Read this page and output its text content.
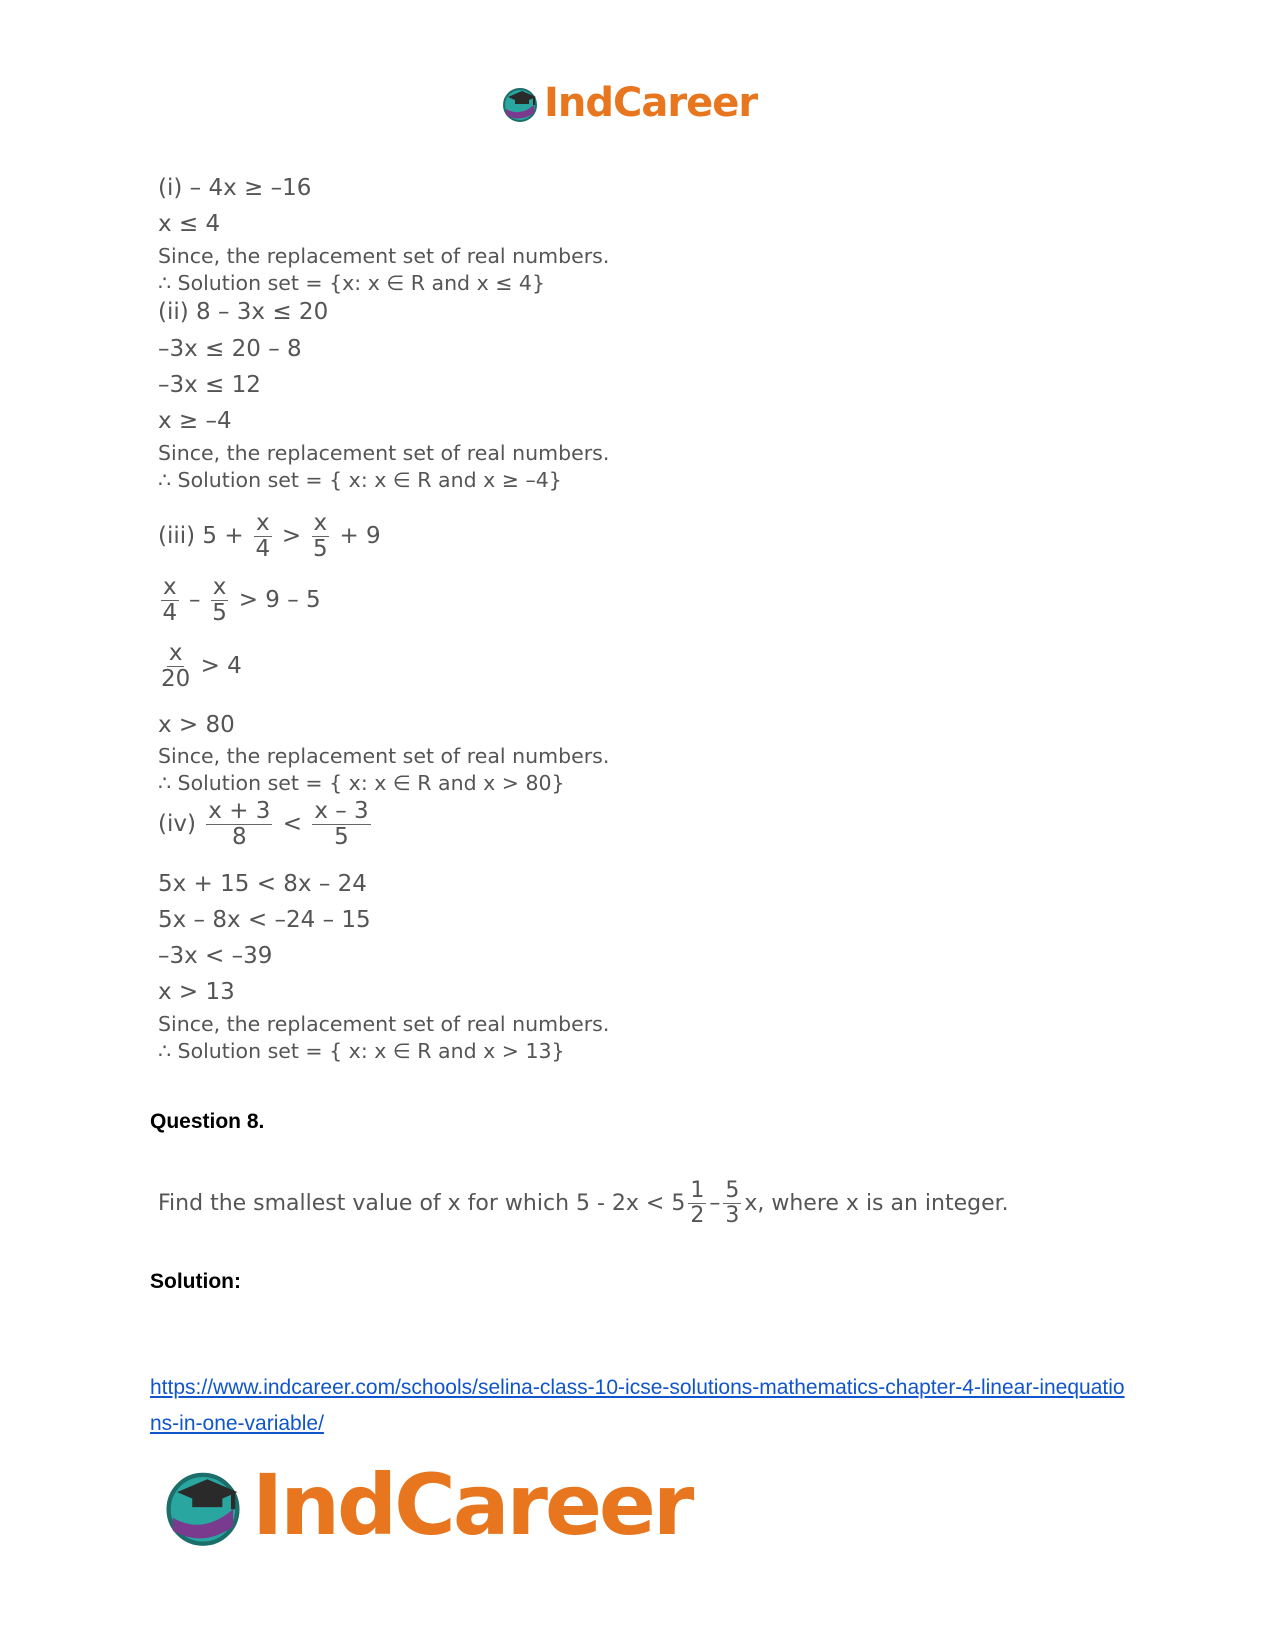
IndCareer
(i) – 4x ≥ –16
x ≤ 4
Since, the replacement set of real numbers.
∴ Solution set = {x: x ∈ R and x ≤ 4}
(ii) 8 – 3x ≤ 20
–3x ≤ 20 – 8
–3x ≤ 12
x ≥ –4
Since, the replacement set of real numbers.
∴ Solution set = { x: x ∈ R and x ≥ –4}
(iii) $5 + \frac{x}{4} > \frac{x}{5} + 9$
$\frac{x}{4} - \frac{x}{5} > 9 - 5$
$\frac{x}{20} > 4$
x > 80
Since, the replacement set of real numbers.
∴ Solution set = { x: x ∈ R and x > 80}
$(iv) \frac{x + 3}{8} < \frac{x - 3}{5}$
5x + 15 < 8x – 24
5x – 8x < –24 – 15
–3x < –39
x > 13
Since, the replacement set of real numbers.
∴ Solution set = { x: x ∈ R and x > 13}
Question 8.
Find the smallest value of x for which $5 - 2x < 5 \frac{1}{2} - \frac{5}{3} x$, where x is an integer.
Solution:
https://www.indcareer.com/schools/selina-class-10-icse-solutions-mathematics-chapter-4-linear-inequations-in-one-variable/
IndCareer
